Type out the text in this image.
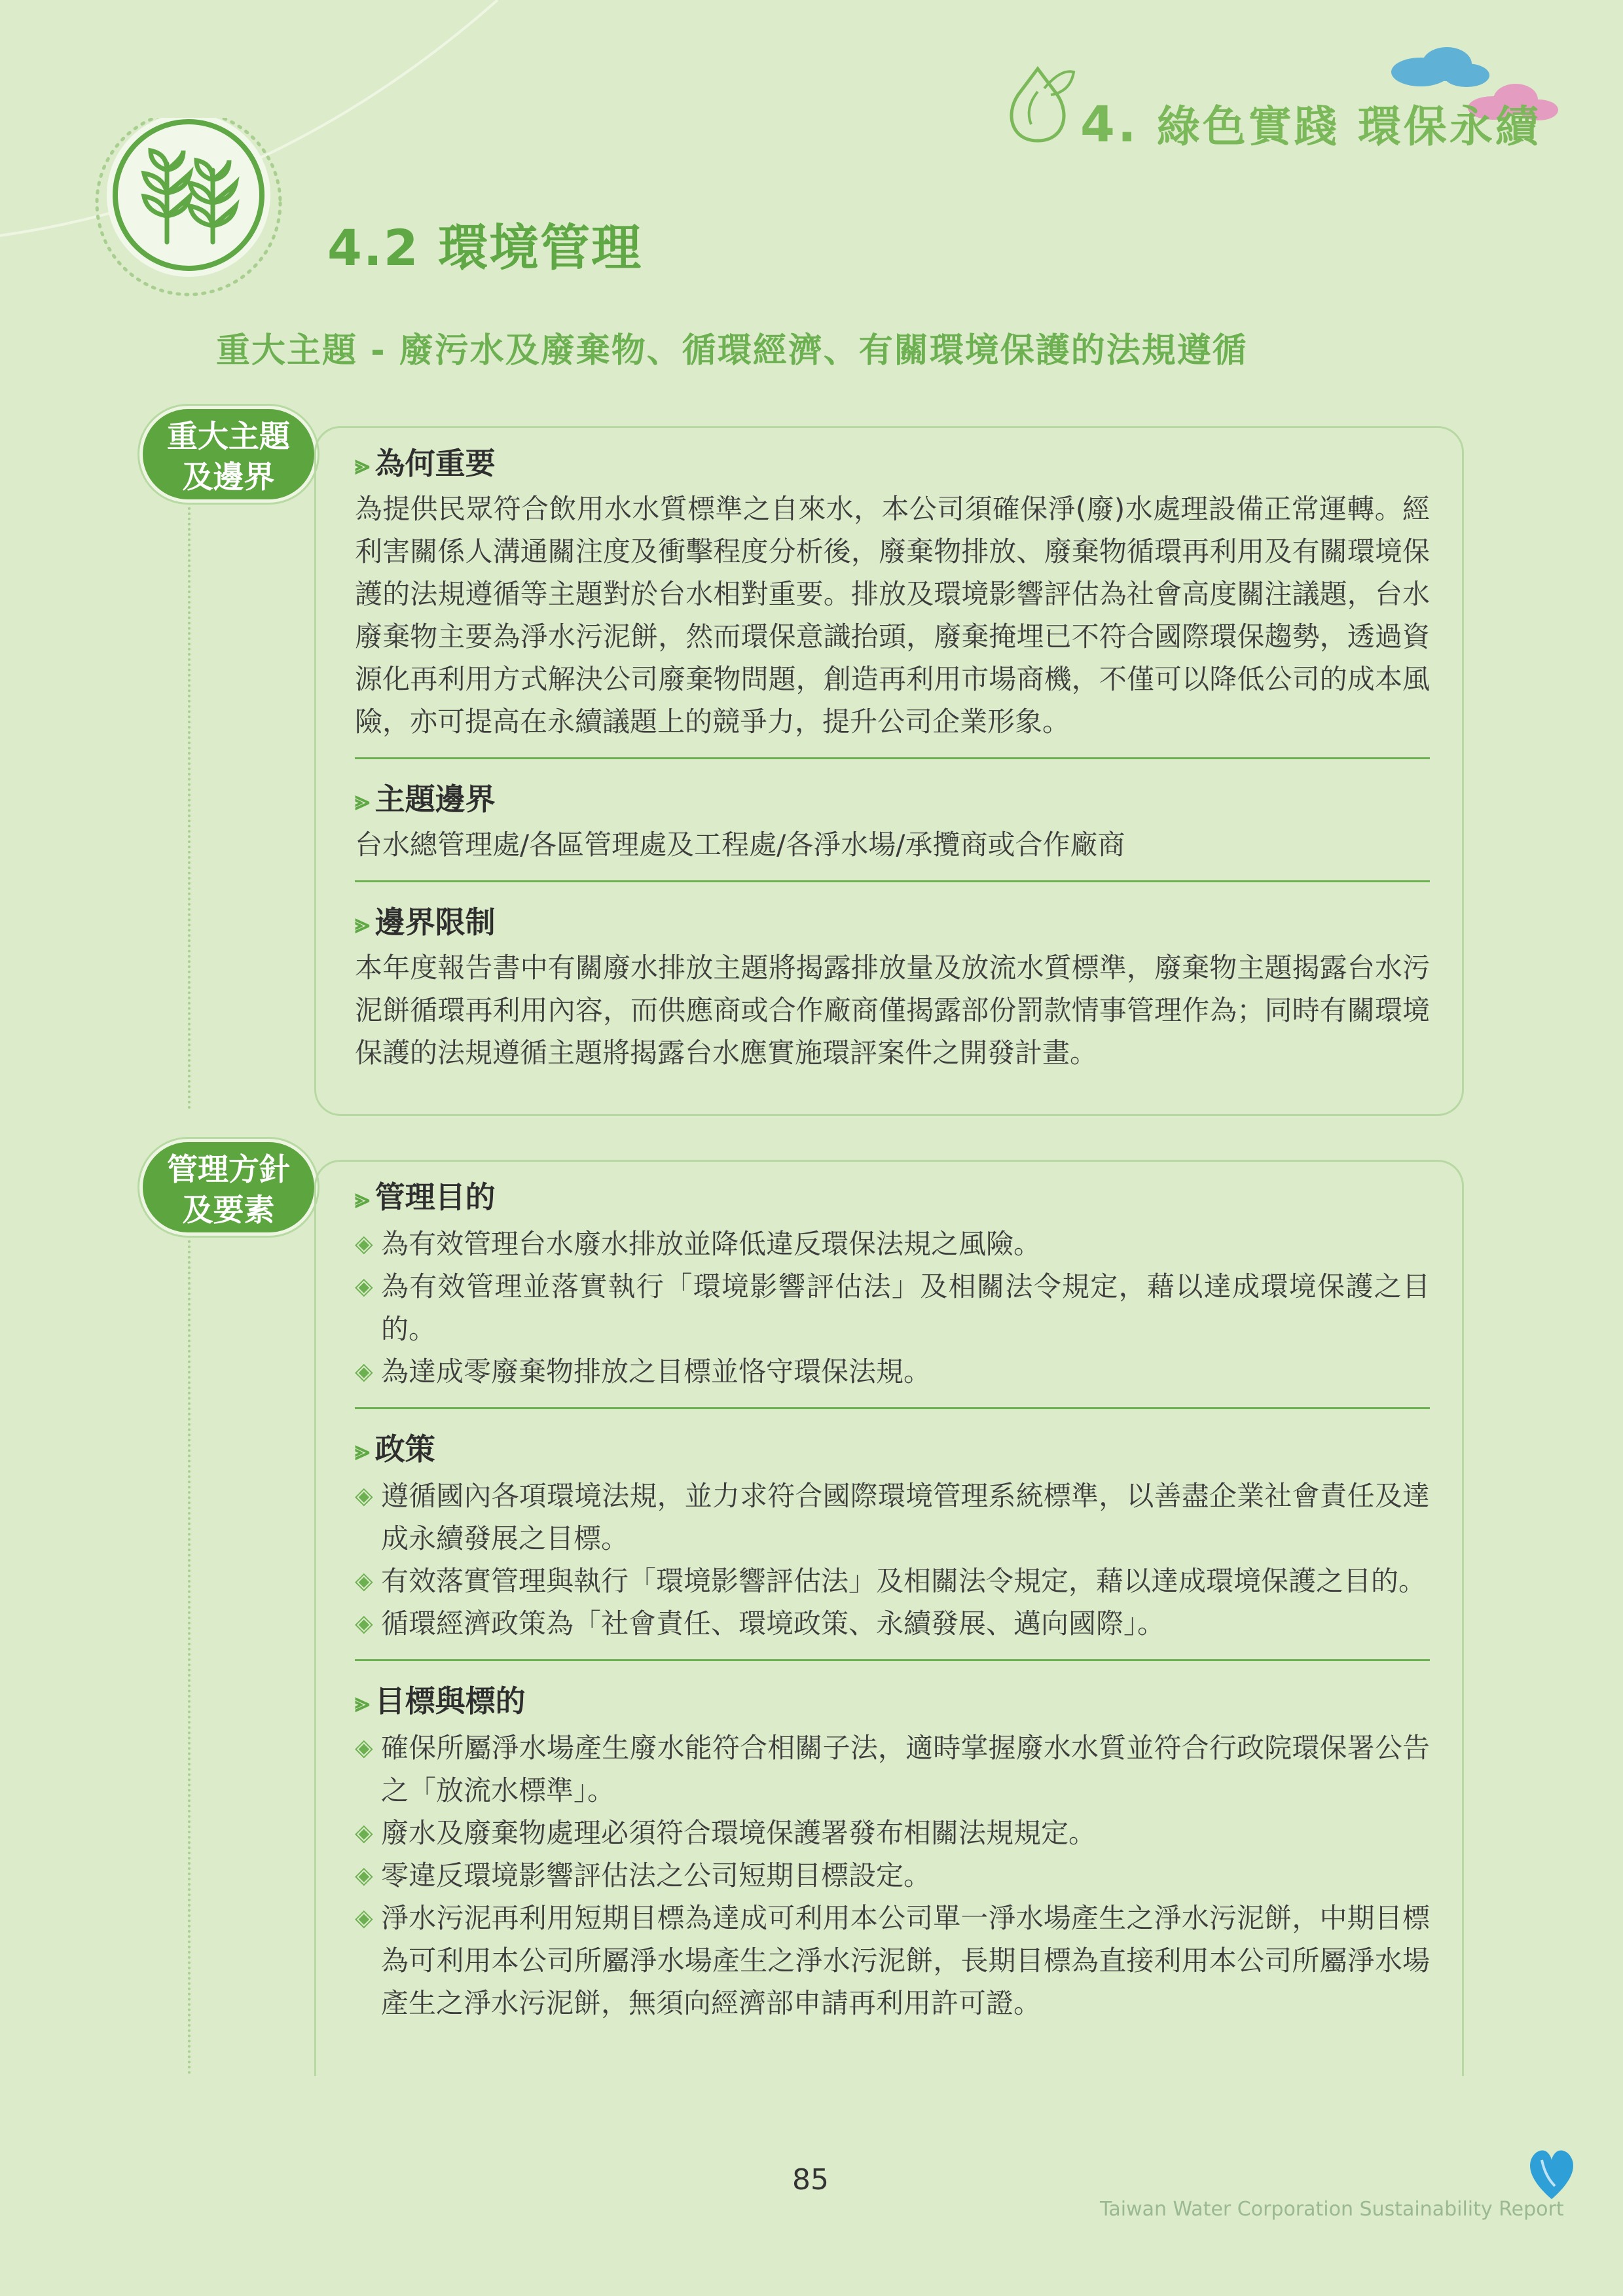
4. 綠色實踐 環保永續
4.2 環境管理
重大主題 - 廢污水及廢棄物、循環經濟、有關環境保護的法規遵循
重大主題
及邊界	⪢ 為何重要

為提供民眾符合飲用水水質標準之自來水，本公司須確保淨(廢)水處理設備正常運轉。經利害關係人溝通關注度及衝擊程度分析後，廢棄物排放、廢棄物循環再利用及有關環境保護的法規遵循等主題對於台水相對重要。排放及環境影響評估為社會高度關注議題，台水廢棄物主要為淨水污泥餅，然而環保意識抬頭，廢棄掩埋已不符合國際環保趨勢，透過資源化再利用方式解決公司廢棄物問題，創造再利用市場商機，不僅可以降低公司的成本風險，亦可提高在永續議題上的競爭力，提升公司企業形象。

⪢ 主題邊界

台水總管理處/各區管理處及工程處/各淨水場/承攬商或合作廠商

⪢ 邊界限制

本年度報告書中有關廢水排放主題將揭露排放量及放流水質標準，廢棄物主題揭露台水污泥餅循環再利用內容，而供應商或合作廠商僅揭露部份罰款情事管理作為；同時有關環境保護的法規遵循主題將揭露台水應實施環評案件之開發計畫。

管理方針
及要素	⪢ 管理目的
◈ 為有效管理台水廢水排放並降低違反環保法規之風險。
◈ 為有效管理並落實執行「環境影響評估法」及相關法令規定，藉以達成環境保護之目的。
◈ 為達成零廢棄物排放之目標並恪守環保法規。
⪢ 政策
◈ 遵循國內各項環境法規，並力求符合國際環境管理系統標準，以善盡企業社會責任及達成永續發展之目標。
◈ 有效落實管理與執行「環境影響評估法」及相關法令規定，藉以達成環境保護之目的。
◈ 循環經濟政策為「社會責任、環境政策、永續發展、邁向國際」。
⪢ 目標與標的
◈ 確保所屬淨水場產生廢水能符合相關子法，適時掌握廢水水質並符合行政院環保署公告之「放流水標準」。
◈ 廢水及廢棄物處理必須符合環境保護署發布相關法規規定。
◈ 零違反環境影響評估法之公司短期目標設定。
◈ 淨水污泥再利用短期目標為達成可利用本公司單一淨水場產生之淨水污泥餅，中期目標為可利用本公司所屬淨水場產生之淨水污泥餅，長期目標為直接利用本公司所屬淨水場產生之淨水污泥餅，無須向經濟部申請再利用許可證。
85
Taiwan Water Corporation Sustainability Report
